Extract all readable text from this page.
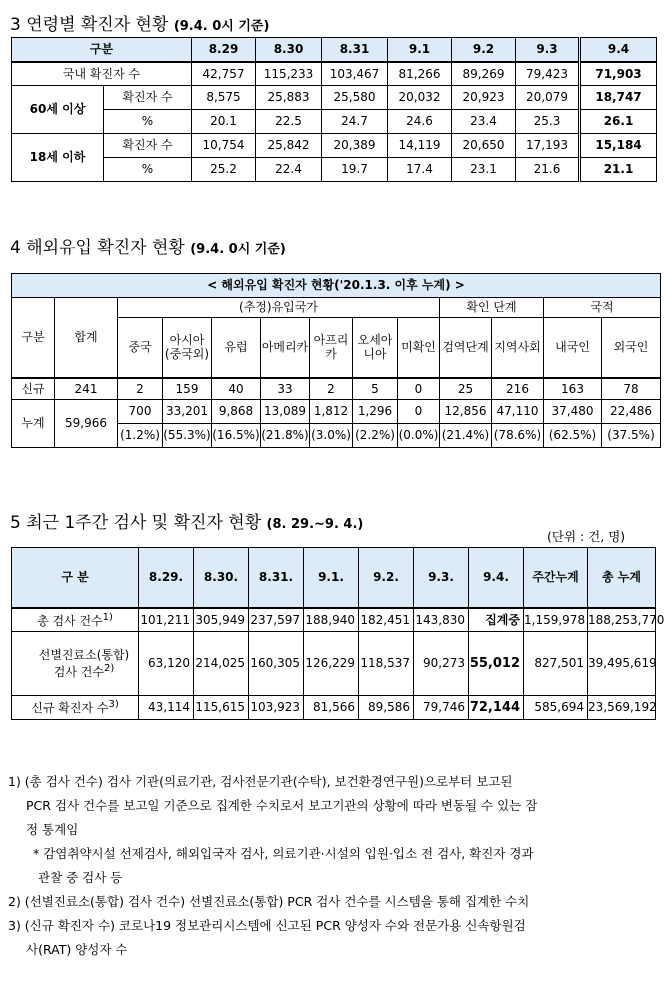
3 연령별 확진자 현황 (9.4. 0시 기준)
구분		8.29	8.30	8.31	9.1	9.2	9.3	9.4
국내 확진자 수		42,757	115,233	103,467	81,266	89,269	79,423	71,903
60세 이상	확진자 수	8,575	25,883	25,580	20,032	20,923	20,079	18,747
	%	20.1	22.5	24.7	24.6	23.4	25.3	26.1
18세 이하	확진자 수	10,754	25,842	20,389	14,119	20,650	17,193	15,184
	%	25.2	22.4	19.7	17.4	23.1	21.6	21.1
4 해외유입 확진자 현황 (9.4. 0시 기준)
< 해외유입 확진자 현황('20.1.3. 이후 누계) >												
구분	합계	(추정)유입국가							확인 단계		국적	
		중국	아시아(중국외)	유럽	아메리카	아프리카	오세아니아	미확인	검역단계	지역사회	내국인	외국인
신규	241	2	159	40	33	2	5	0	25	216	163	78
누계	59,966	700	33,201	9,868	13,089	1,812	1,296	0	12,856	47,110	37,480	22,486
		(1.2%)	(55.3%)	(16.5%)	(21.8%)	(3.0%)	(2.2%)	(0.0%)	(21.4%)	(78.6%)	(62.5%)	(37.5%)
5 최근 1주간 검사 및 확진자 현황 (8. 29.~9. 4.)
(단위 : 건, 명)
구 분	8.29.	8.30.	8.31.	9.1.	9.2.	9.3.	9.4.	주간누계	총 누계
총 검사 건수$^{1)}$	101,211	305,949	237,597	188,940	182,451	143,830	집계중	1,159,978	188,253,770

선별진료소(통합)
검사 건수$^{2)}$	63,120	214,025	160,305	126,229	118,537	90,273	55,012	827,501	39,495,619
신규 확진자 수$^{3)}$	43,114	115,615	103,923	81,566	89,586	79,746	72,144	585,694	23,569,192

1) (총 검사 건수) 검사 기관(의료기관, 검사전문기관(수탁), 보건환경연구원)으로부터 보고된

PCR 검사 건수를 보고일 기준으로 집계한 수치로서 보고기관의 상황에 따라 변동될 수 있는 잠

정 통계임

* 감염취약시설 선제검사, 해외입국자 검사, 의료기관·시설의 입원·입소 전 검사, 확진자 경과

관찰 중 검사 등

2) (선별진료소(통합) 검사 건수) 선별진료소(통합) PCR 검사 건수를 시스템을 통해 집계한 수치

3) (신규 확진자 수) 코로나19 정보관리시스템에 신고된 PCR 양성자 수와 전문가용 신속항원검

사(RAT) 양성자 수
